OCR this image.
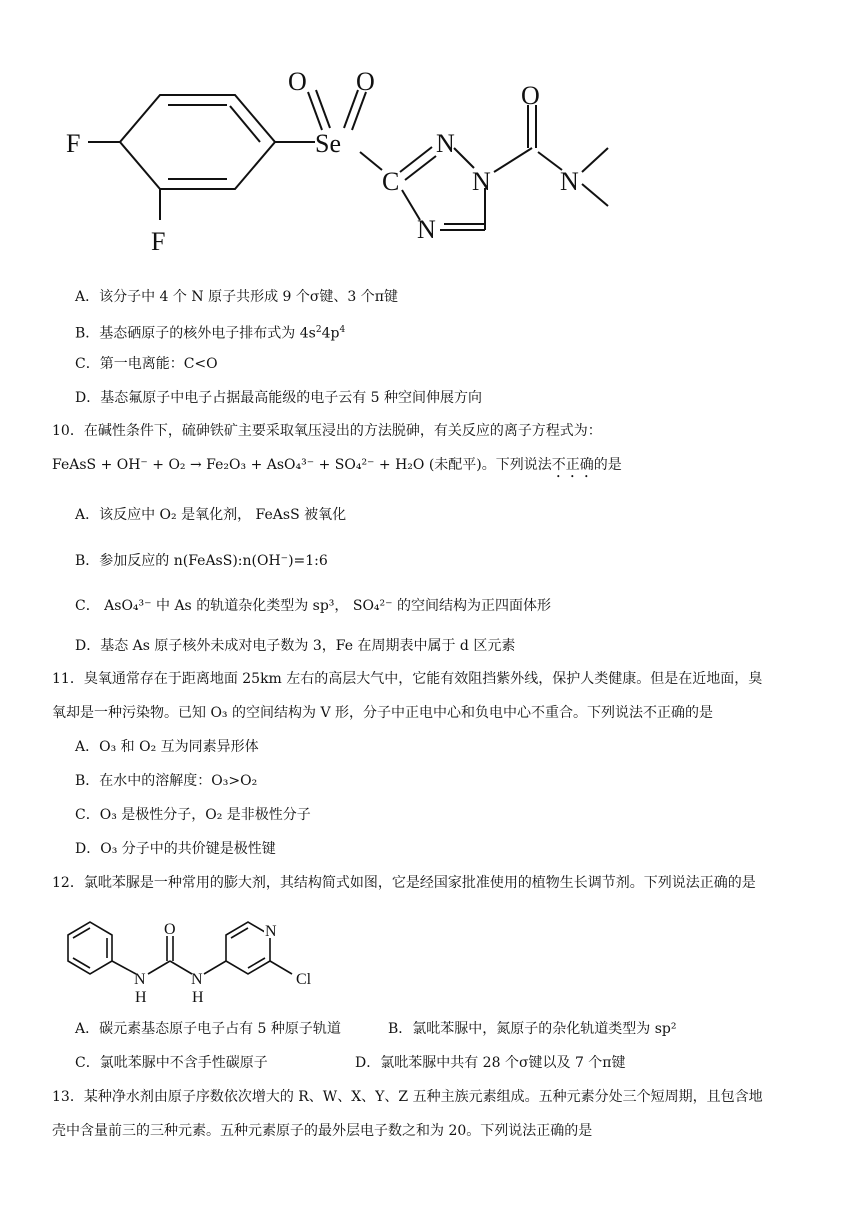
F
F
Se
O O
C
N
N
N
O
N
A．该分子中 4 个 N 原子共形成 9 个σ键、3 个π键
B．基态硒原子的核外电子排布式为 $4s^24p^4$
C．第一电离能：C<O
D．基态氟原子中电子占据最高能级的电子云有 5 种空间伸展方向
10．在碱性条件下，硫砷铁矿主要采取氧压浸出的方法脱砷，有关反应的离子方程式为：
FeAsS + OH⁻ + O₂ → Fe₂O₃ + AsO₄³⁻ + SO₄²⁻ + H₂O (未配平)。下列说法不正确的是
A．该反应中 O₂ 是氧化剂， FeAsS 被氧化
B．参加反应的 n(FeAsS):n(OH⁻)=1:6
C． AsO₄³⁻ 中 As 的轨道杂化类型为 sp³， SO₄²⁻ 的空间结构为正四面体形
D．基态 As 原子核外未成对电子数为 3，Fe 在周期表中属于 d 区元素
11．臭氧通常存在于距离地面 25km 左右的高层大气中，它能有效阻挡紫外线，保护人类健康。但是在近地面，臭
氧却是一种污染物。已知 O₃ 的空间结构为 V 形，分子中正电中心和负电中心不重合。下列说法不正确的是
A．O₃ 和 O₂ 互为同素异形体
B．在水中的溶解度：O₃>O₂
C．O₃ 是极性分子，O₂ 是非极性分子
D．O₃ 分子中的共价键是极性键
12．氯吡苯脲是一种常用的膨大剂，其结构简式如图，它是经国家批准使用的植物生长调节剂。下列说法正确的是
O
N
H
N
H
N
Cl
A．碳元素基态原子电子占有 5 种原子轨道	B．氯吡苯脲中，氮原子的杂化轨道类型为 sp²
C．氯吡苯脲中不含手性碳原子	D．氯吡苯脲中共有 28 个σ键以及 7 个π键
13．某种净水剂由原子序数依次增大的 R、W、X、Y、Z 五种主族元素组成。五种元素分处三个短周期，且包含地
壳中含量前三的三种元素。五种元素原子的最外层电子数之和为 20。下列说法正确的是
